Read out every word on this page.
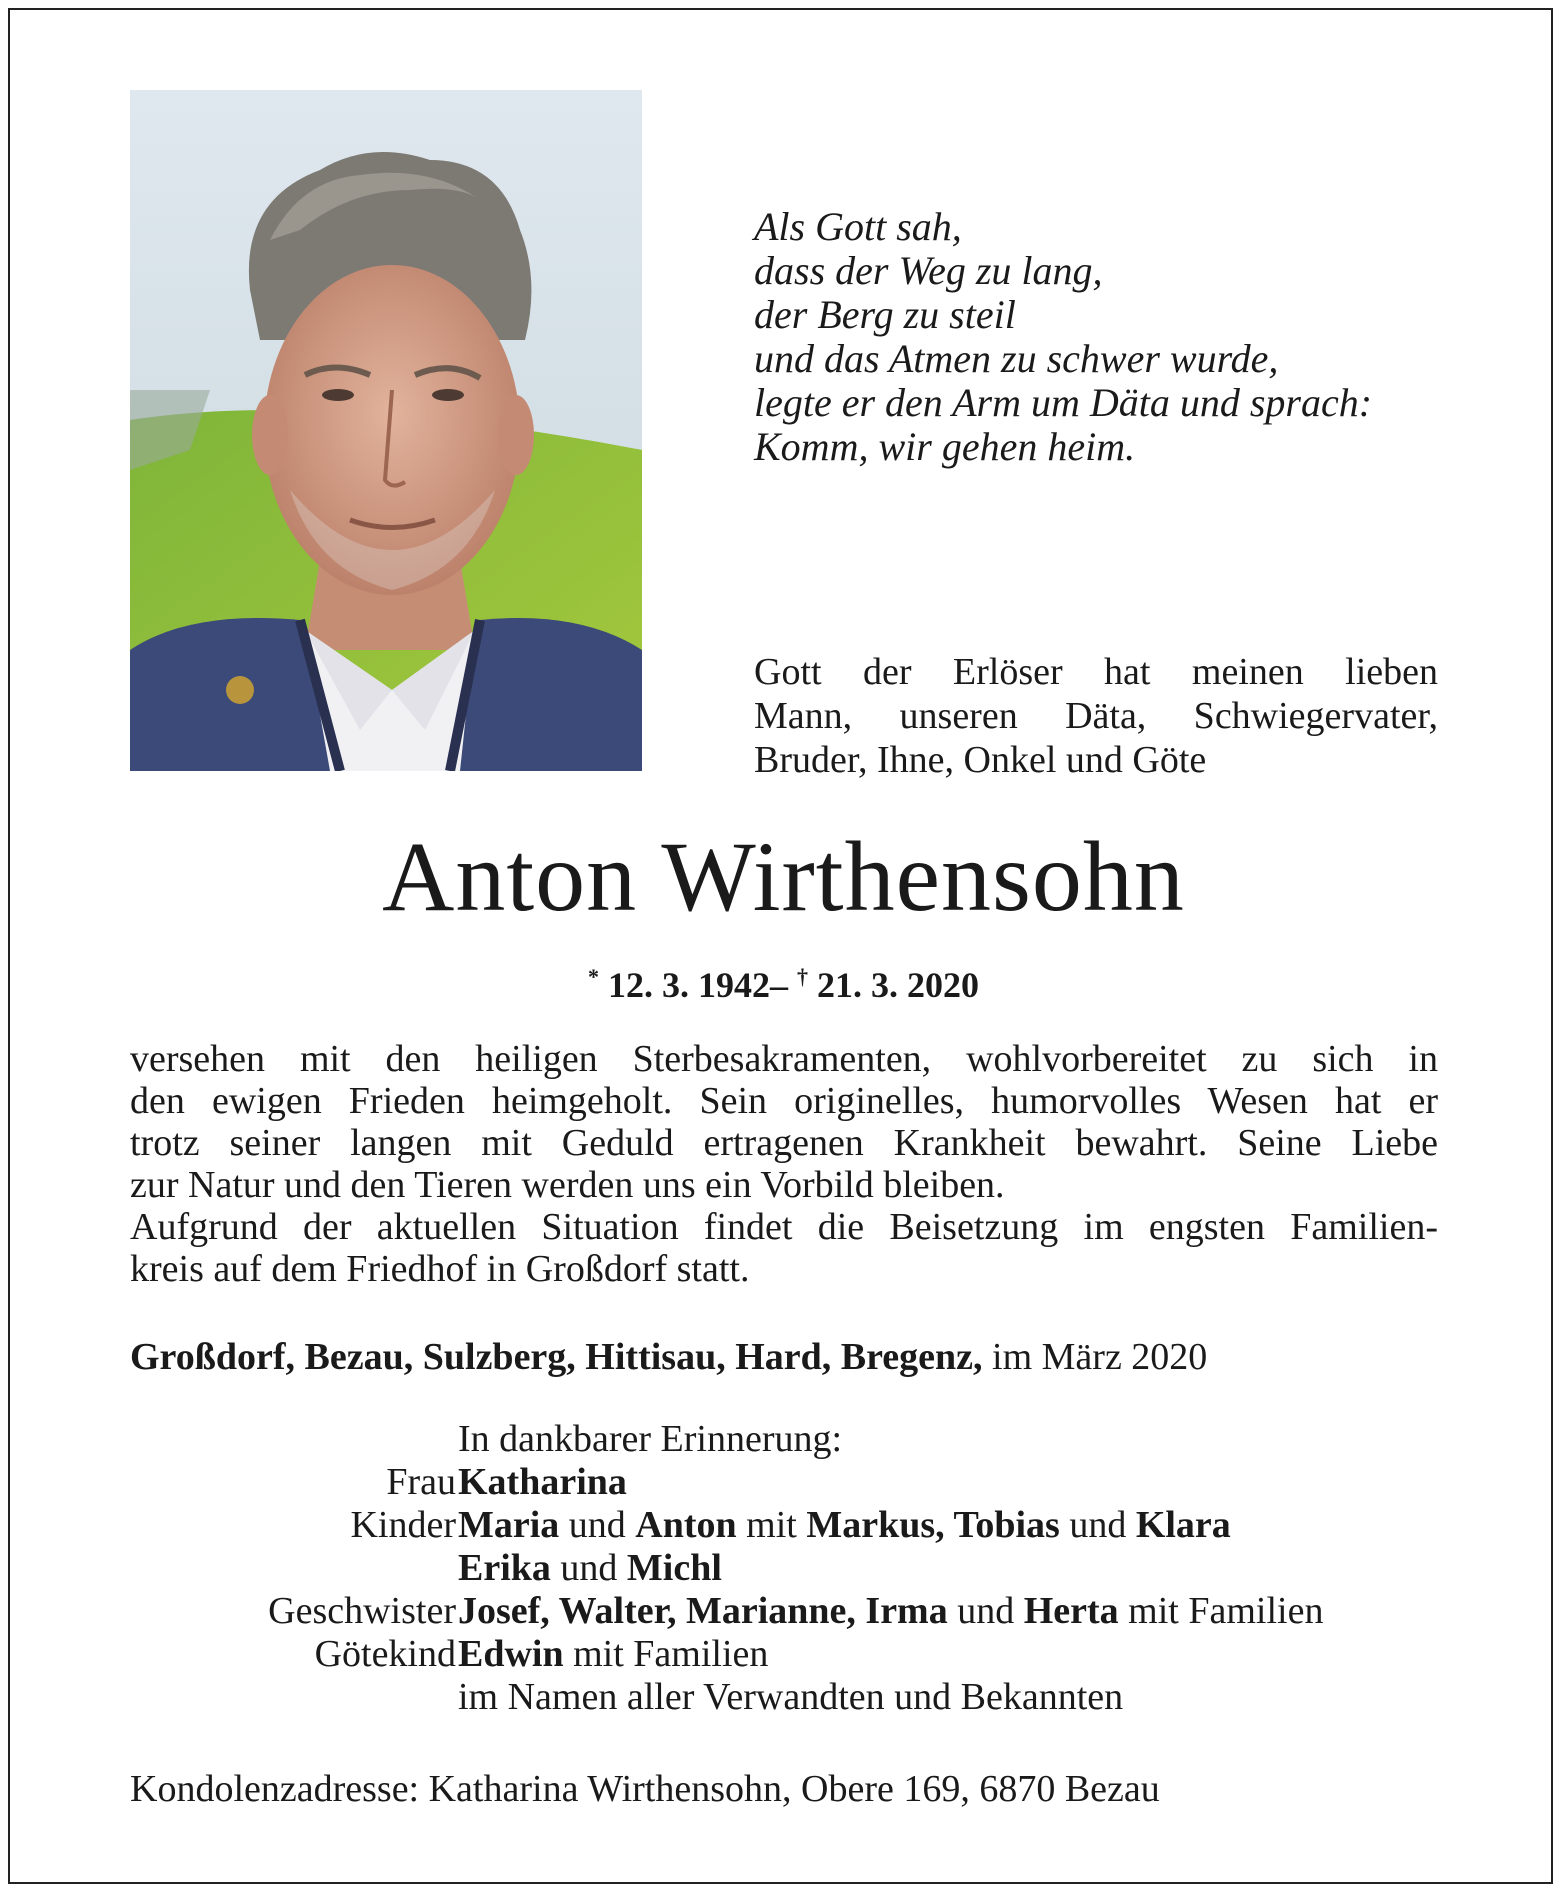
Als Gott sah,
dass der Weg zu lang,
der Berg zu steil
und das Atmen zu schwer wurde,
legte er den Arm um Däta und sprach:
Komm, wir gehen heim.
Gott der Erlöser hat meinen lieben
Mann, unseren Däta, Schwiegervater,
Bruder, Ihne, Onkel und Göte
Anton Wirthensohn
* 12. 3. 1942– † 21. 3. 2020
versehen mit den heiligen Sterbesakramenten, wohlvorbereitet zu sich in
den ewigen Frieden heimgeholt. Sein originelles, humorvolles Wesen hat er
trotz seiner langen mit Geduld ertragenen Krankheit bewahrt. Seine Liebe
zur Natur und den Tieren werden uns ein Vorbild bleiben.
Aufgrund der aktuellen Situation findet die Beisetzung im engsten Familien-
kreis auf dem Friedhof in Großdorf statt.
Großdorf, Bezau, Sulzberg, Hittisau, Hard, Bregenz, im März 2020
In dankbarer Erinnerung:
Frau Katharina
Kinder Maria und Anton mit Markus, Tobias und Klara
Erika und Michl
Geschwister Josef, Walter, Marianne, Irma und Herta mit Familien
Götekind Edwin mit Familien
im Namen aller Verwandten und Bekannten
Kondolenzadresse: Katharina Wirthensohn, Obere 169, 6870 Bezau
